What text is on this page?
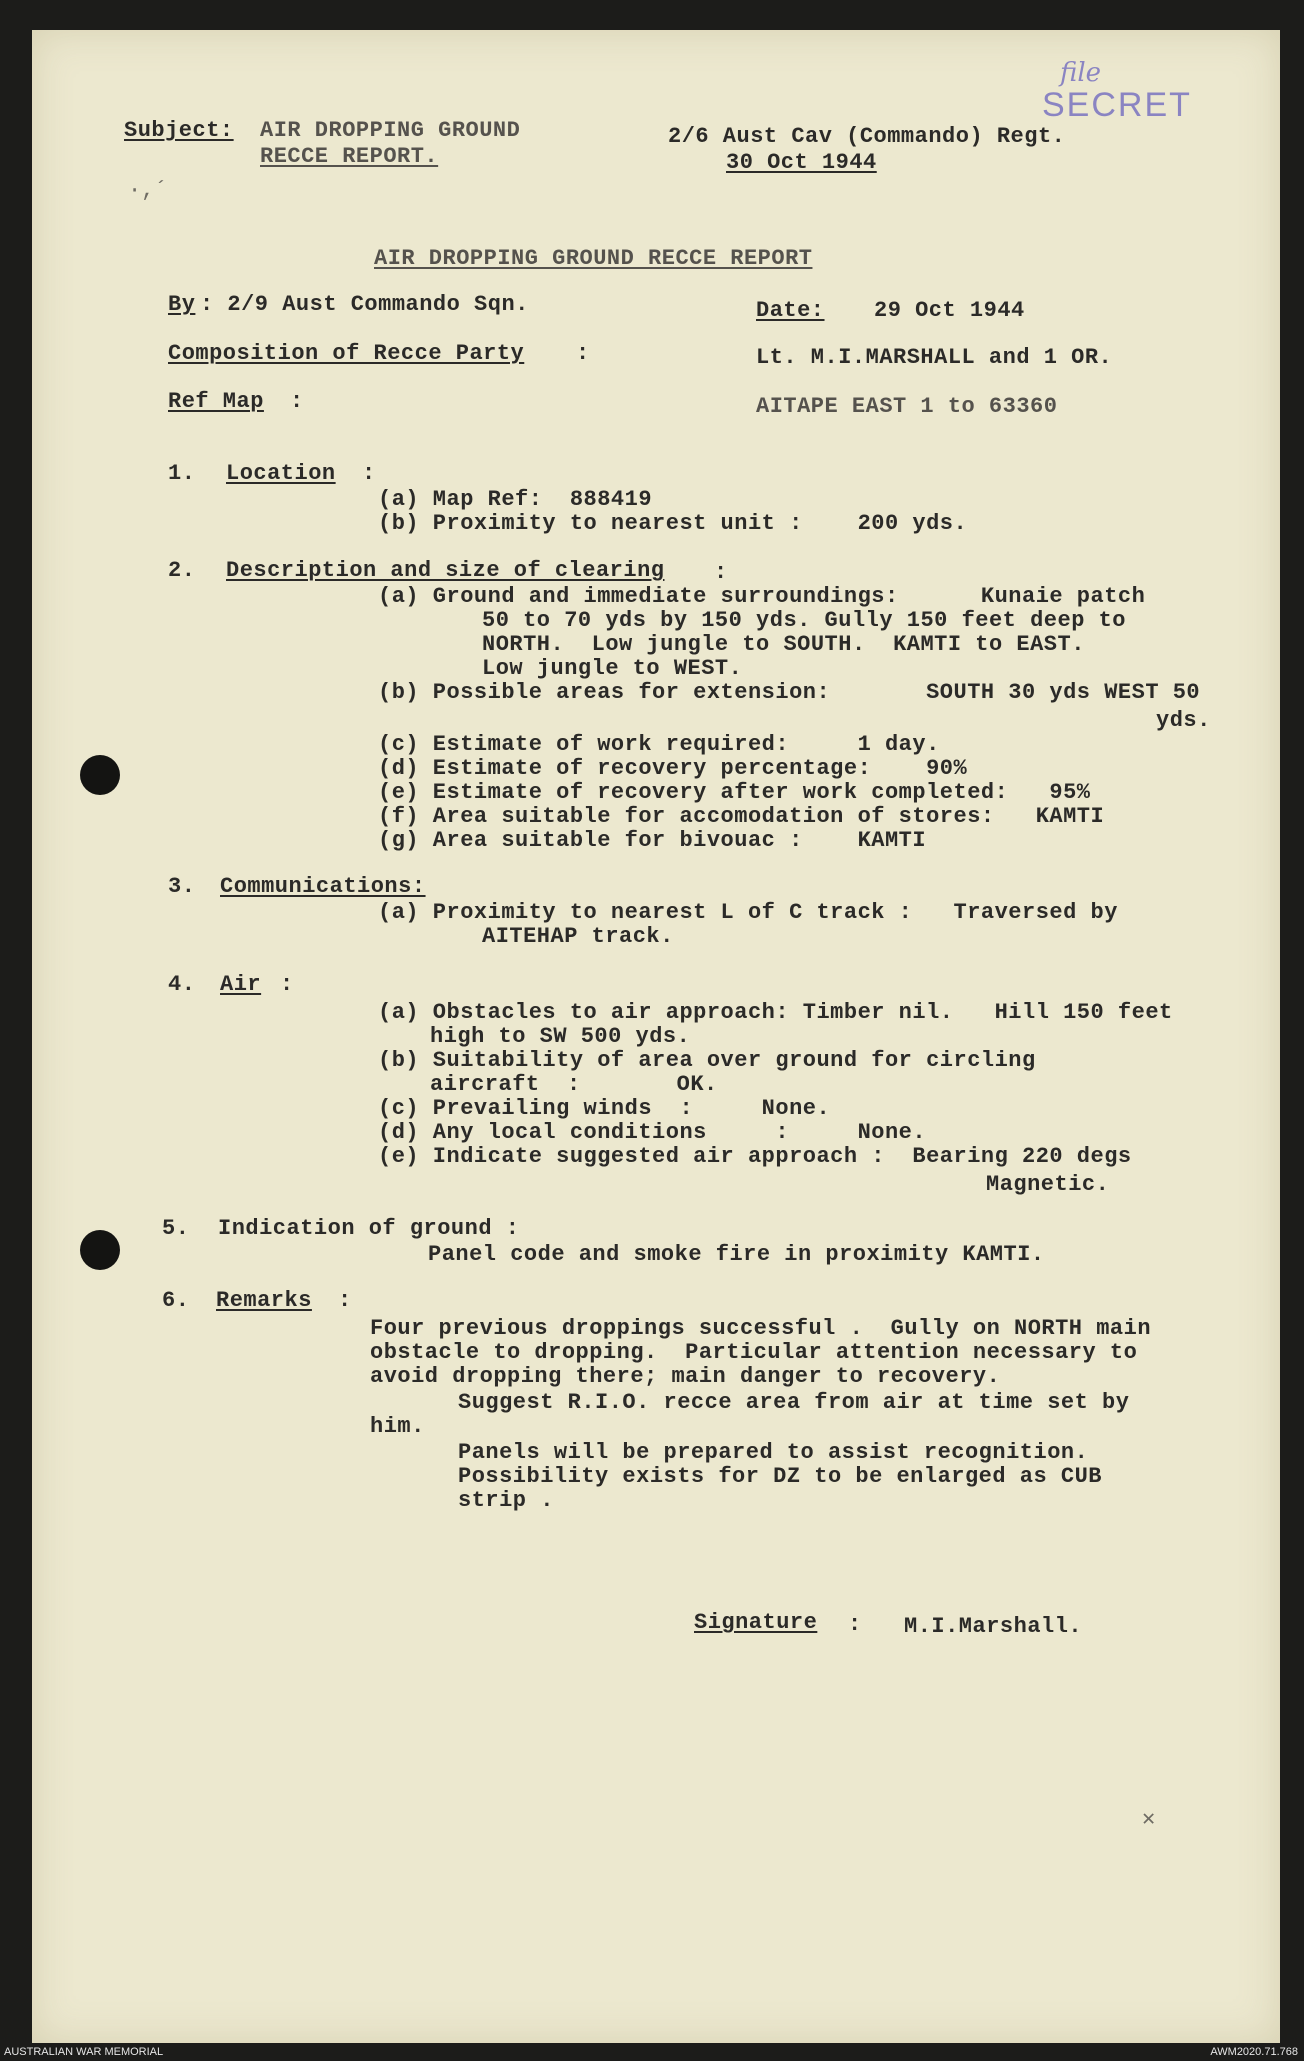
file
SECRET
Subject: AIR DROPPING GROUND
RECCE REPORT.
2/6 Aust Cav (Commando) Regt.
30 Oct 1944
·,´
AIR DROPPING GROUND RECCE REPORT
By : 2/9 Aust Commando Sqn.	Date: 29 Oct 1944
Composition of Recce Party :	Lt. M.I.MARSHALL and 1 OR.
Ref Map :	AITAPE EAST 1 to 63360
1. Location :
(a) Map Ref:  888419
(b) Proximity to nearest unit :    200 yds.
2. Description and size of clearing :
(a) Ground and immediate surroundings:      Kunaie patch
50 to 70 yds by 150 yds. Gully 150 feet deep to
NORTH.  Low jungle to SOUTH.  KAMTI to EAST.
Low jungle to WEST.
(b) Possible areas for extension:       SOUTH 30 yds WEST 50
yds.
(c) Estimate of work required:     1 day.
(d) Estimate of recovery percentage:    90%
(e) Estimate of recovery after work completed:   95%
(f) Area suitable for accomodation of stores:   KAMTI
(g) Area suitable for bivouac :    KAMTI
3. Communications:
(a) Proximity to nearest L of C track :   Traversed by
AITEHAP track.
4. Air :
(a) Obstacles to air approach: Timber nil.   Hill 150 feet
high to SW 500 yds.
(b) Suitability of area over ground for circling
aircraft  :       OK.
(c) Prevailing winds  :     None.
(d) Any local conditions     :     None.
(e) Indicate suggested air approach :  Bearing 220 degs
Magnetic.
5. Indication of ground :
Panel code and smoke fire in proximity KAMTI.
6. Remarks :
Four previous droppings successful .  Gully on NORTH main
obstacle to dropping.  Particular attention necessary to
avoid dropping there; main danger to recovery.
Suggest R.I.O. recce area from air at time set by
him.
Panels will be prepared to assist recognition.
Possibility exists for DZ to be enlarged as CUB
strip .
Signature : M.I.Marshall.
✕
AUSTRALIAN WAR MEMORIAL	AWM2020.71.768
